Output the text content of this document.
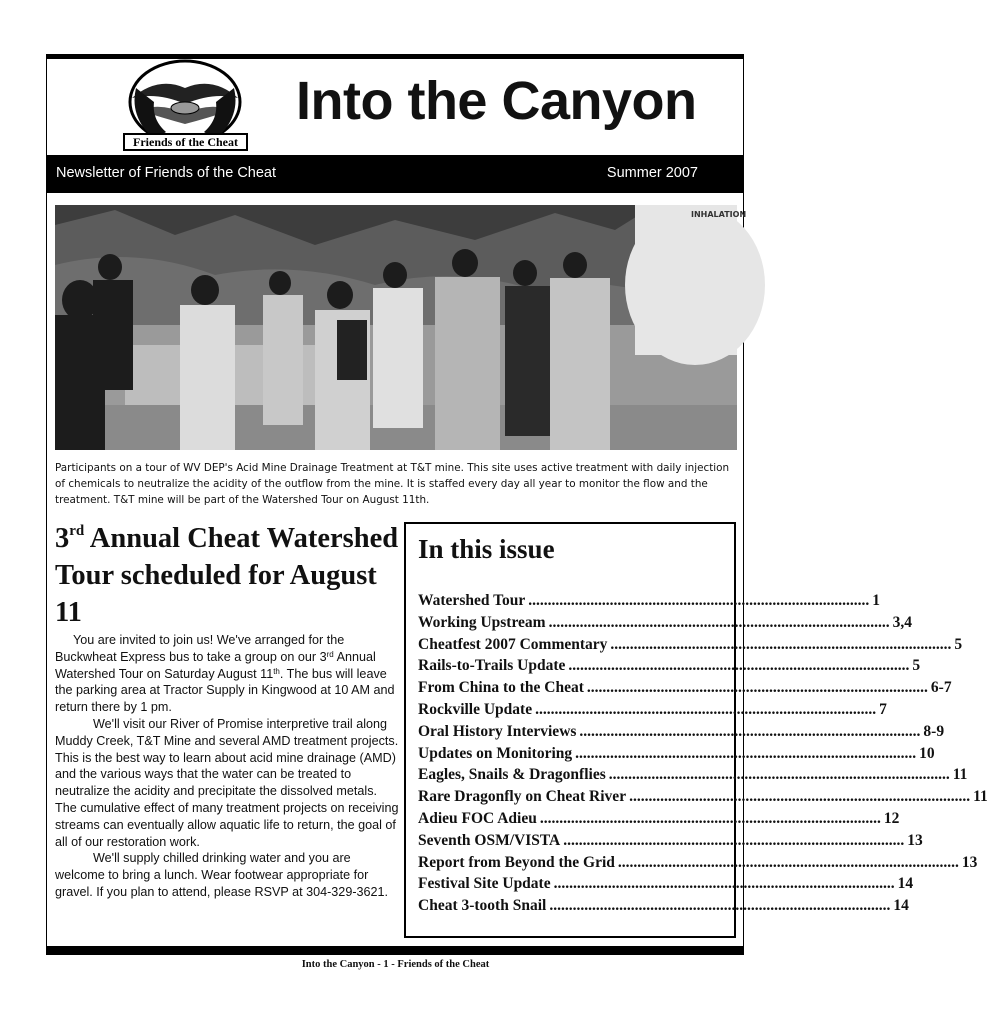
Friends of the Cheat
Into the Canyon
Newsletter of Friends of the Cheat	Summer 2007
INHALATION
Participants on a tour of WV DEP's Acid Mine Drainage Treatment at T&T mine. This site uses active treatment with daily injection of chemicals to neutralize the acidity of the outflow from the mine. It is staffed every day all year to monitor the flow and the treatment. T&T mine will be part of the Watershed Tour on August 11th.
3rd Annual Cheat Watershed Tour scheduled for August 11

You are invited to join us! We've arranged for the Buckwheat Express bus to take a group on our 3rd Annual Watershed Tour on Saturday August 11th. The bus will leave the parking area at Tractor Supply in Kingwood at 10 AM and return there by 1 pm.

We'll visit our River of Promise interpretive trail along Muddy Creek, T&T Mine and several AMD treatment projects. This is the best way to learn about acid mine drainage (AMD) and the various ways that the water can be treated to neutralize the acidity and precipitate the dissolved metals. The cumulative effect of many treatment projects on receiving streams can eventually allow aquatic life to return, the goal of all of our restoration work.

We'll supply chilled drinking water and you are welcome to bring a lunch. Wear footwear appropriate for gravel. If you plan to attend, please RSVP at 304-329-3621.

In this issue
Watershed Tour .....	1
Working Upstream .....	3,4
Cheatfest 2007 Commentary .....	5
Rails-to-Trails Update .....	5
From China to the Cheat .....	6-7
Rockville Update .....	7
Oral History Interviews .....	8-9
Updates on Monitoring .....	10
Eagles, Snails & Dragonflies .....	11
Rare Dragonfly on Cheat River .....	11
Adieu FOC Adieu .....	12
Seventh OSM/VISTA .....	13
Report from Beyond the Grid .....	13
Festival Site Update .....	14
Cheat 3-tooth Snail .....	14
Into the Canyon - 1 - Friends of the Cheat
